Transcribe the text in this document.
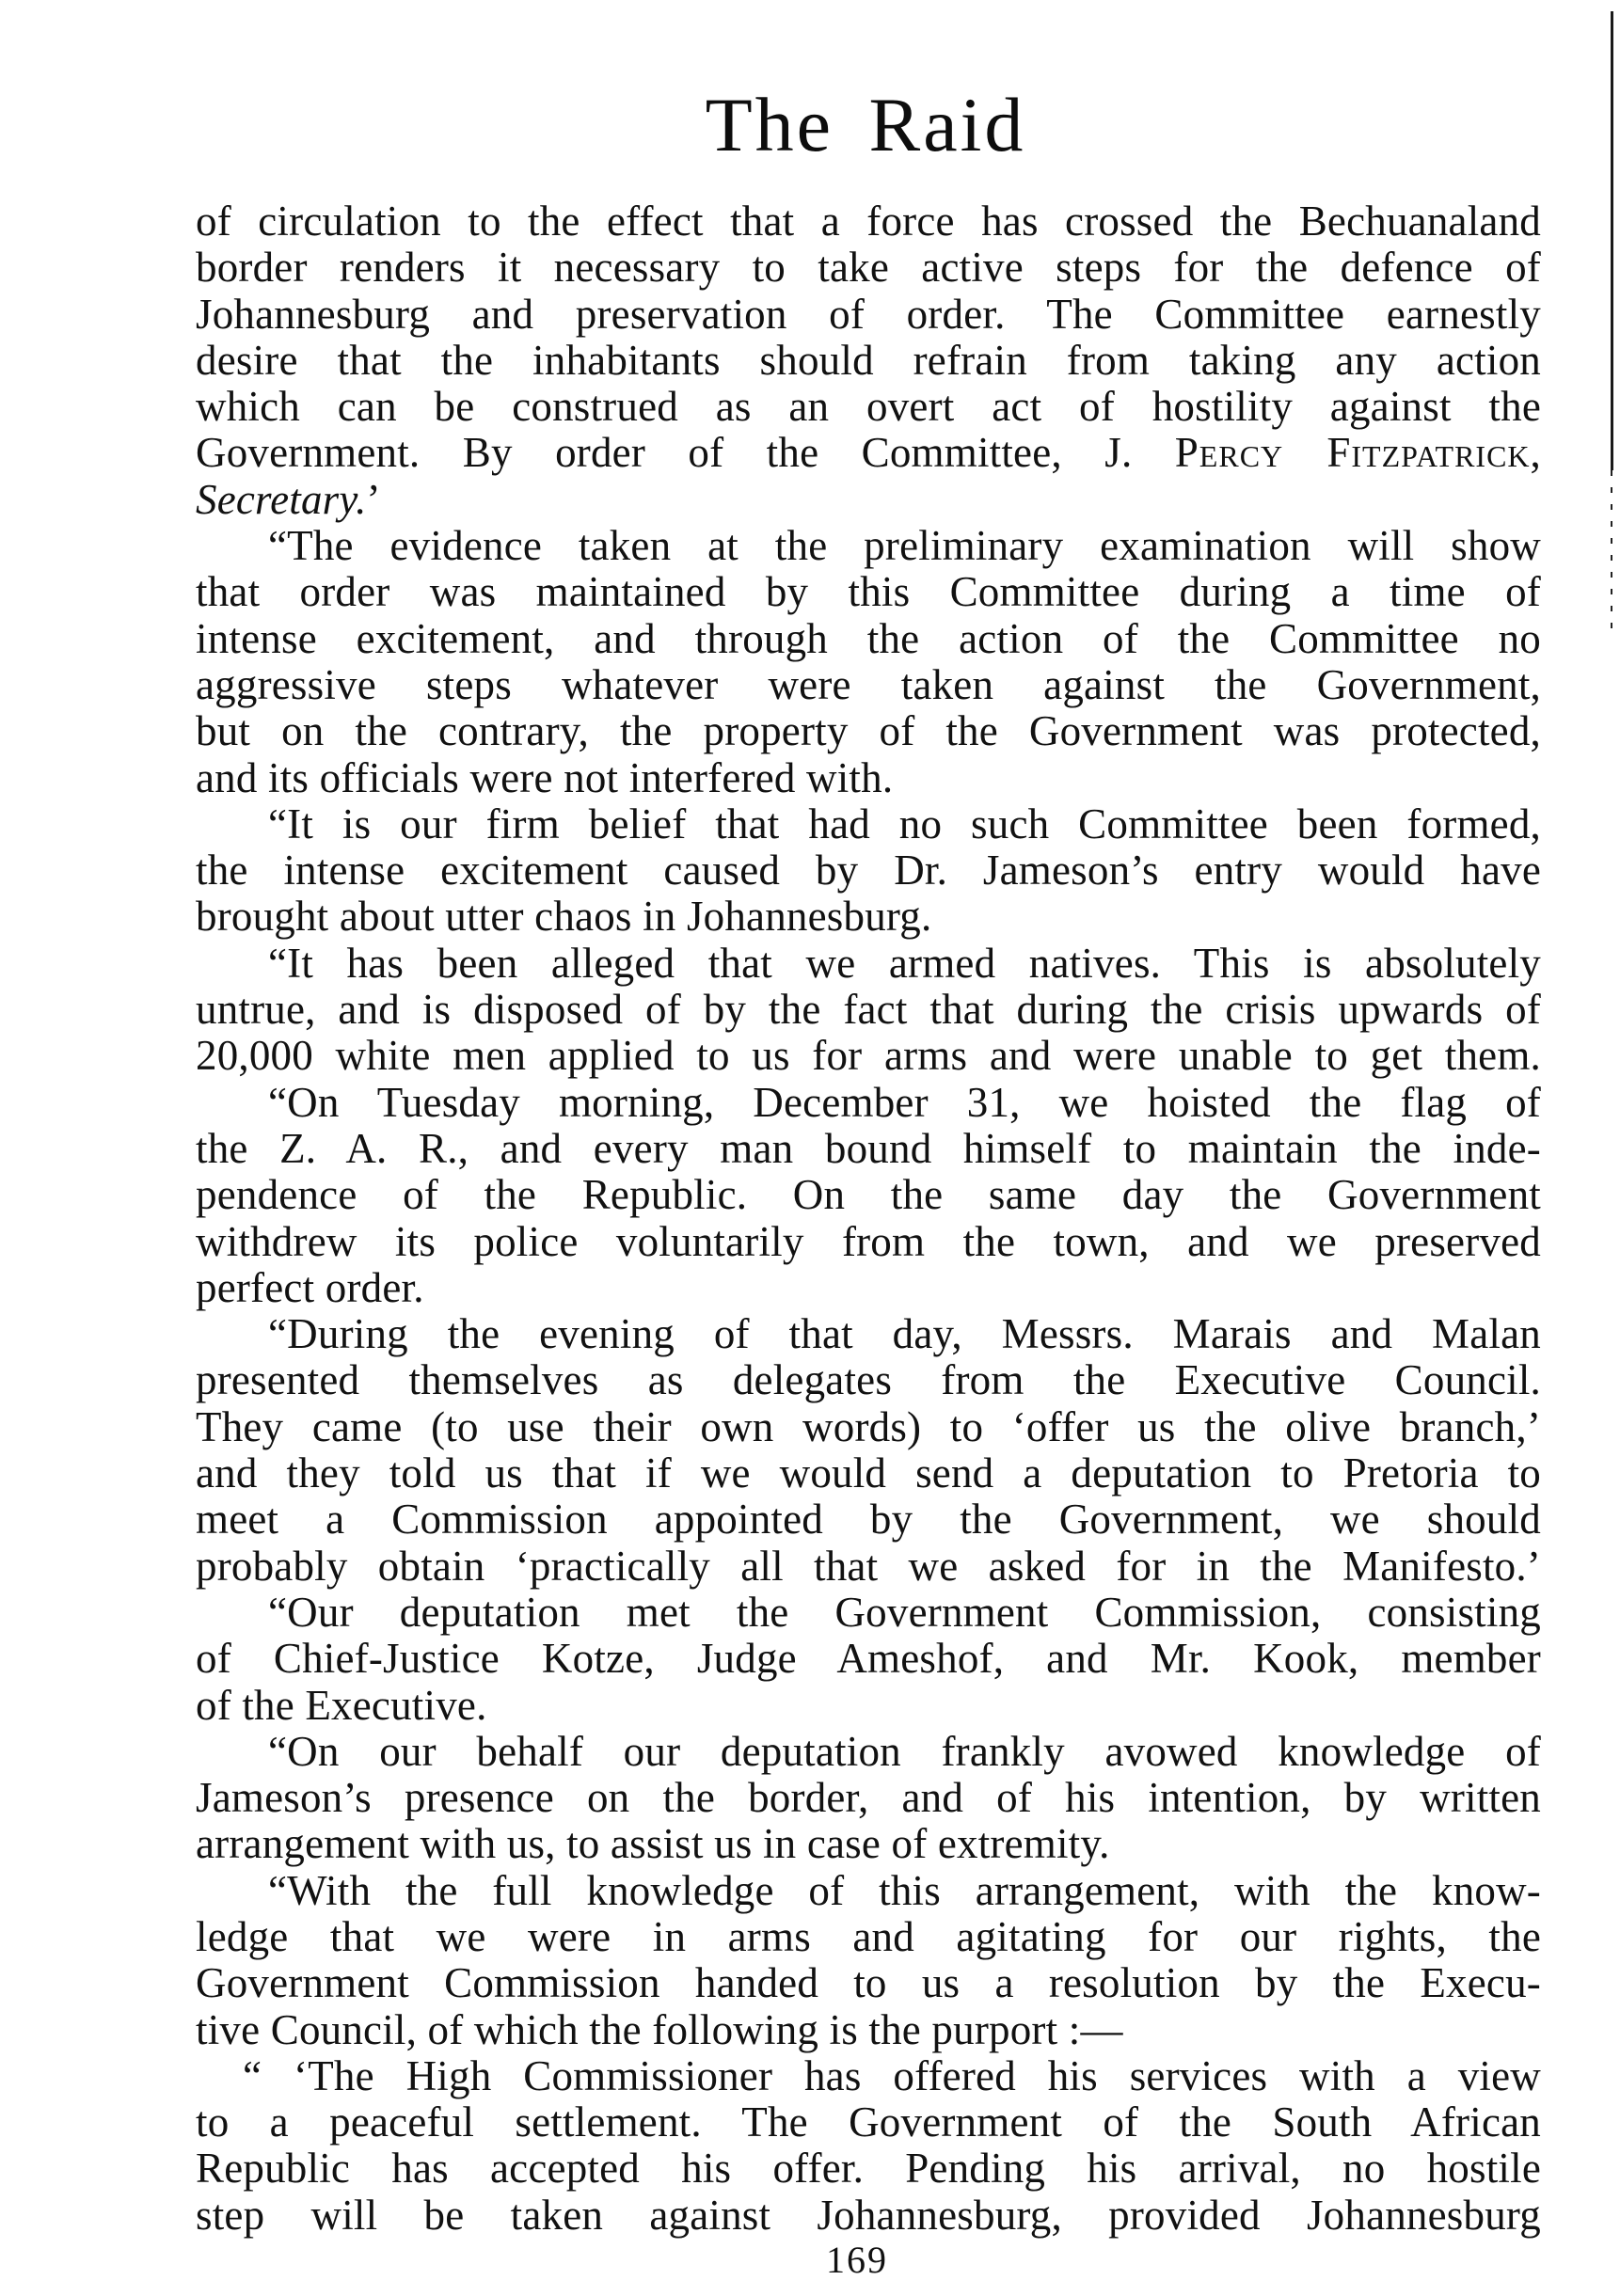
The Raid
of circulation to the effect that a force has crossed the Bechuanaland
border renders it necessary to take active steps for the defence of
Johannesburg and preservation of order. The Committee earnestly
desire that the inhabitants should refrain from taking any action
which can be construed as an overt act of hostility against the
Government. By order of the Committee, J. Percy Fitzpatrick,
Secretary.’
“The evidence taken at the preliminary examination will show
that order was maintained by this Committee during a time of
intense excitement, and through the action of the Committee no
aggressive steps whatever were taken against the Government,
but on the contrary, the property of the Government was protected,
and its officials were not interfered with.
“It is our firm belief that had no such Committee been formed,
the intense excitement caused by Dr. Jameson’s entry would have
brought about utter chaos in Johannesburg.
“It has been alleged that we armed natives. This is absolutely
untrue, and is disposed of by the fact that during the crisis upwards of
20,000 white men applied to us for arms and were unable to get them.
“On Tuesday morning, December 31, we hoisted the flag of
the Z. A. R., and every man bound himself to maintain the inde-
pendence of the Republic. On the same day the Government
withdrew its police voluntarily from the town, and we preserved
perfect order.
“During the evening of that day, Messrs. Marais and Malan
presented themselves as delegates from the Executive Council.
They came (to use their own words) to ‘offer us the olive branch,’
and they told us that if we would send a deputation to Pretoria to
meet a Commission appointed by the Government, we should
probably obtain ‘practically all that we asked for in the Manifesto.’
“Our deputation met the Government Commission, consisting
of Chief-Justice Kotze, Judge Ameshof, and Mr. Kook, member
of the Executive.
“On our behalf our deputation frankly avowed knowledge of
Jameson’s presence on the border, and of his intention, by written
arrangement with us, to assist us in case of extremity.
“With the full knowledge of this arrangement, with the know-
ledge that we were in arms and agitating for our rights, the
Government Commission handed to us a resolution by the Execu-
tive Council, of which the following is the purport :—
“ ‘The High Commissioner has offered his services with a view
to a peaceful settlement. The Government of the South African
Republic has accepted his offer. Pending his arrival, no hostile
step will be taken against Johannesburg, provided Johannesburg
169
